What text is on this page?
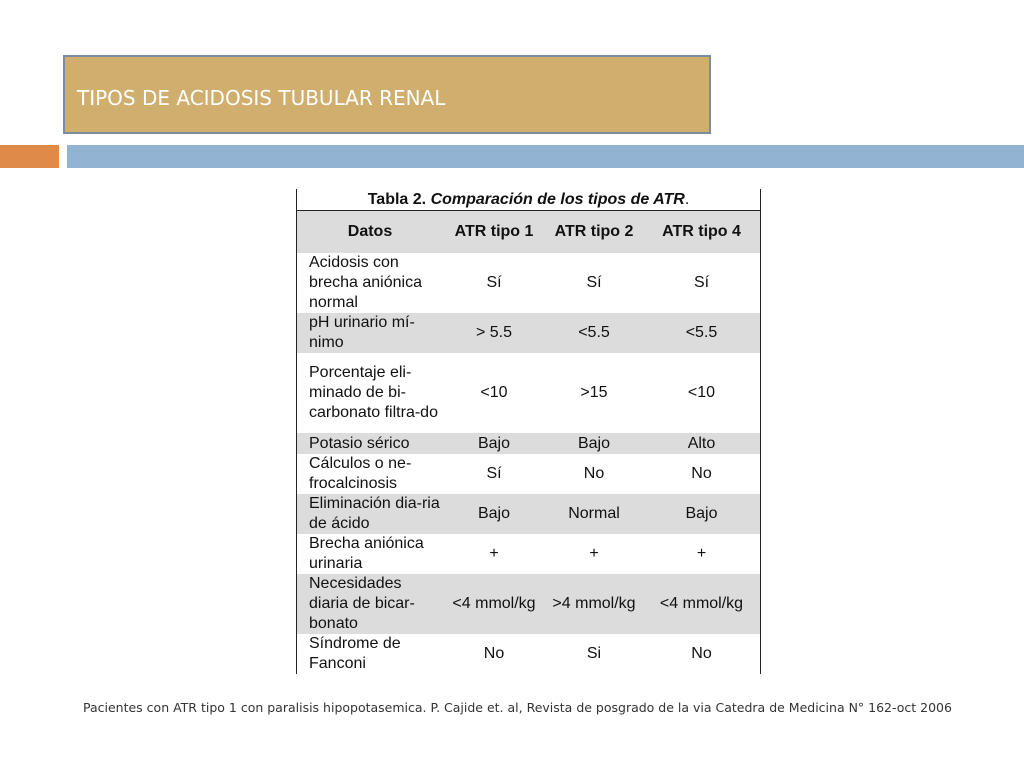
TIPOS DE ACIDOSIS TUBULAR RENAL
Tabla 2. Comparación de los tipos de ATR.
Datos	ATR tipo 1	ATR tipo 2	ATR tipo 4
Acidosis con brecha aniónica normal	Sí	Sí	Sí
pH urinario mí-nimo	> 5.5	<5.5	<5.5
Porcentaje eli-minado de bi-carbonato filtra-do	<10	>15	<10
Potasio sérico	Bajo	Bajo	Alto
Cálculos o ne-frocalcinosis	Sí	No	No
Eliminación dia-ria de ácido	Bajo	Normal	Bajo
Brecha aniónica urinaria	+	+	+
Necesidades diaria de bicar-bonato	<4 mmol/kg	>4 mmol/kg	<4 mmol/kg
Síndrome de Fanconi	No	Si	No
Pacientes con ATR tipo 1 con paralisis hipopotasemica. P. Cajide et. al, Revista de posgrado de la via Catedra de Medicina N° 162-oct 2006
